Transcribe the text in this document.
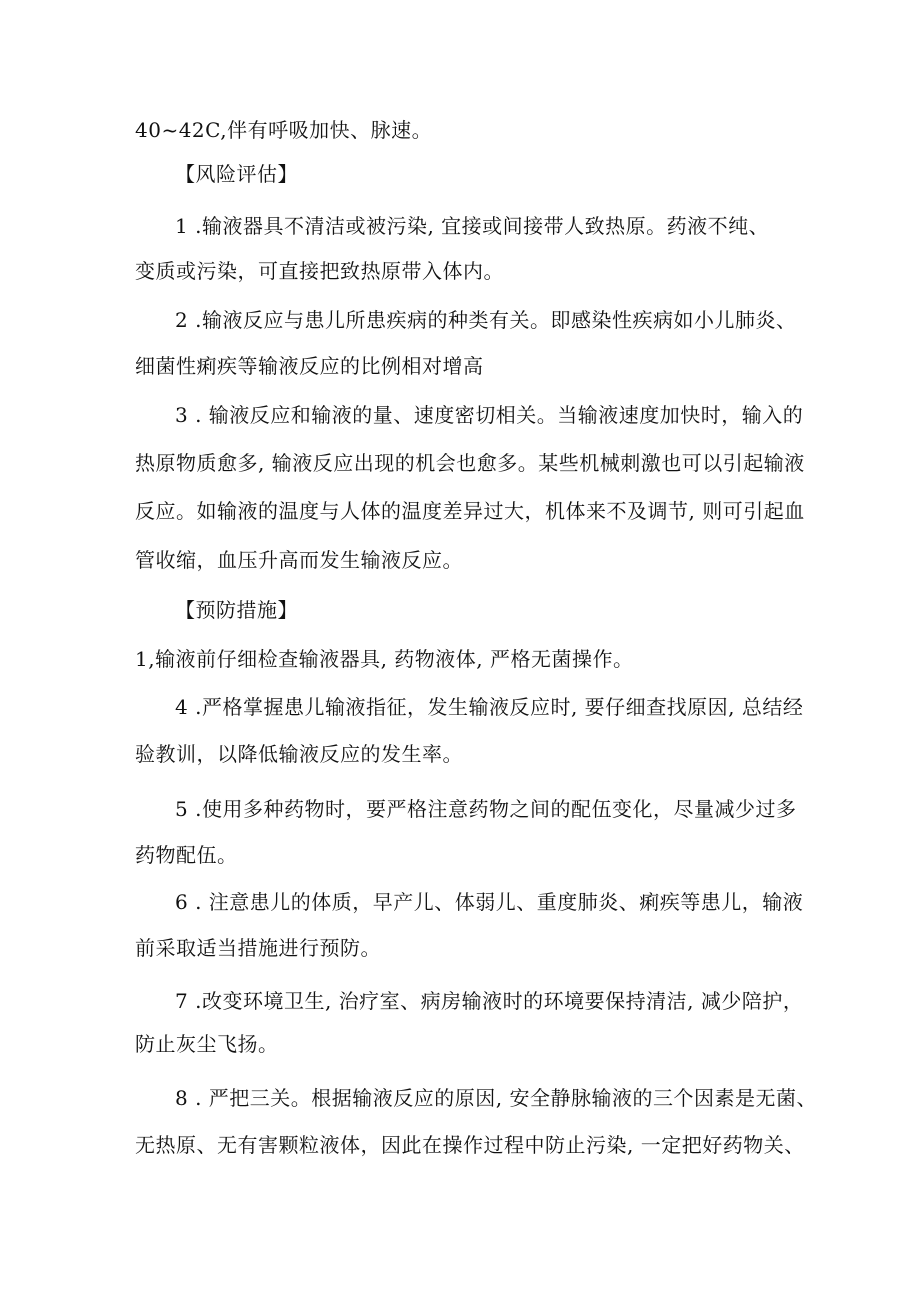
40~42C,伴有呼吸加快、脉速。
【风险评估】
1 .输液器具不清洁或被污染, 宜接或间接带人致热原。药液不纯、
变质或污染，可直接把致热原带入体内。
2 .输液反应与患儿所患疾病的种类有关。即感染性疾病如小儿肺炎、
细菌性痢疾等输液反应的比例相对增高
3 . 输液反应和输液的量、速度密切相关。当输液速度加快时，输入的
热原物质愈多, 输液反应出现的机会也愈多。某些机械刺激也可以引起输液
反应。如输液的温度与人体的温度差异过大，机体来不及调节, 则可引起血
管收缩，血压升高而发生输液反应。
【预防措施】
1,输液前仔细检查输液器具, 药物液体, 严格无菌操作。
4 .严格掌握患儿输液指征，发生输液反应时, 要仔细查找原因, 总结经
验教训，以降低输液反应的发生率。
5 .使用多种药物时，要严格注意药物之间的配伍变化，尽量减少过多
药物配伍。
6 . 注意患儿的体质，早产儿、体弱儿、重度肺炎、痢疾等患儿，输液
前采取适当措施进行预防。
7 .改变环境卫生, 治疗室、病房输液时的环境要保持清洁, 减少陪护，
防止灰尘飞扬。
8 . 严把三关。根据输液反应的原因, 安全静脉输液的三个因素是无菌、
无热原、无有害颗粒液体，因此在操作过程中防止污染, 一定把好药物关、
